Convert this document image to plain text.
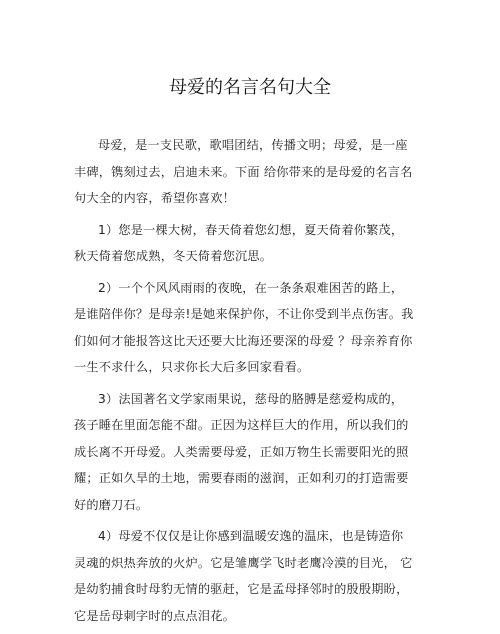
母爱的名言名句大全

母爱，是一支民歌，歌唱团结，传播文明；母爱，是一座丰碑，镌刻过去，启迪未来。下面 给你带来的是母爱的名言名句大全的内容，希望你喜欢！

1）您是一棵大树，春天倚着您幻想，夏天倚着你繁茂，秋天倚着您成熟，冬天倚着您沉思。

2）一个个风风雨雨的夜晚，在一条条艰难困苦的路上，是谁陪伴你？是母亲!是她来保护你，不让你受到半点伤害。我们如何才能报答这比天还要大比海还要深的母爱 ？母亲养育你一生不求什么，只求你长大后多回家看看。

3）法国著名文学家雨果说，慈母的胳膊是慈爱构成的，孩子睡在里面怎能不甜。正因为这样巨大的作用，所以我们的成长离不开母爱。人类需要母爱，正如万物生长需要阳光的照耀；正如久旱的土地，需要春雨的滋润，正如利刃的打造需要好的磨刀石。

4）母爱不仅仅是让你感到温暖安逸的温床，也是铸造你灵魂的炽热奔放的火炉。它是雏鹰学飞时老鹰冷漠的目光， 它是幼豹捕食时母豹无情的驱赶，它是孟母择邻时的殷殷期盼，它是岳母刺字时的点点泪花。
